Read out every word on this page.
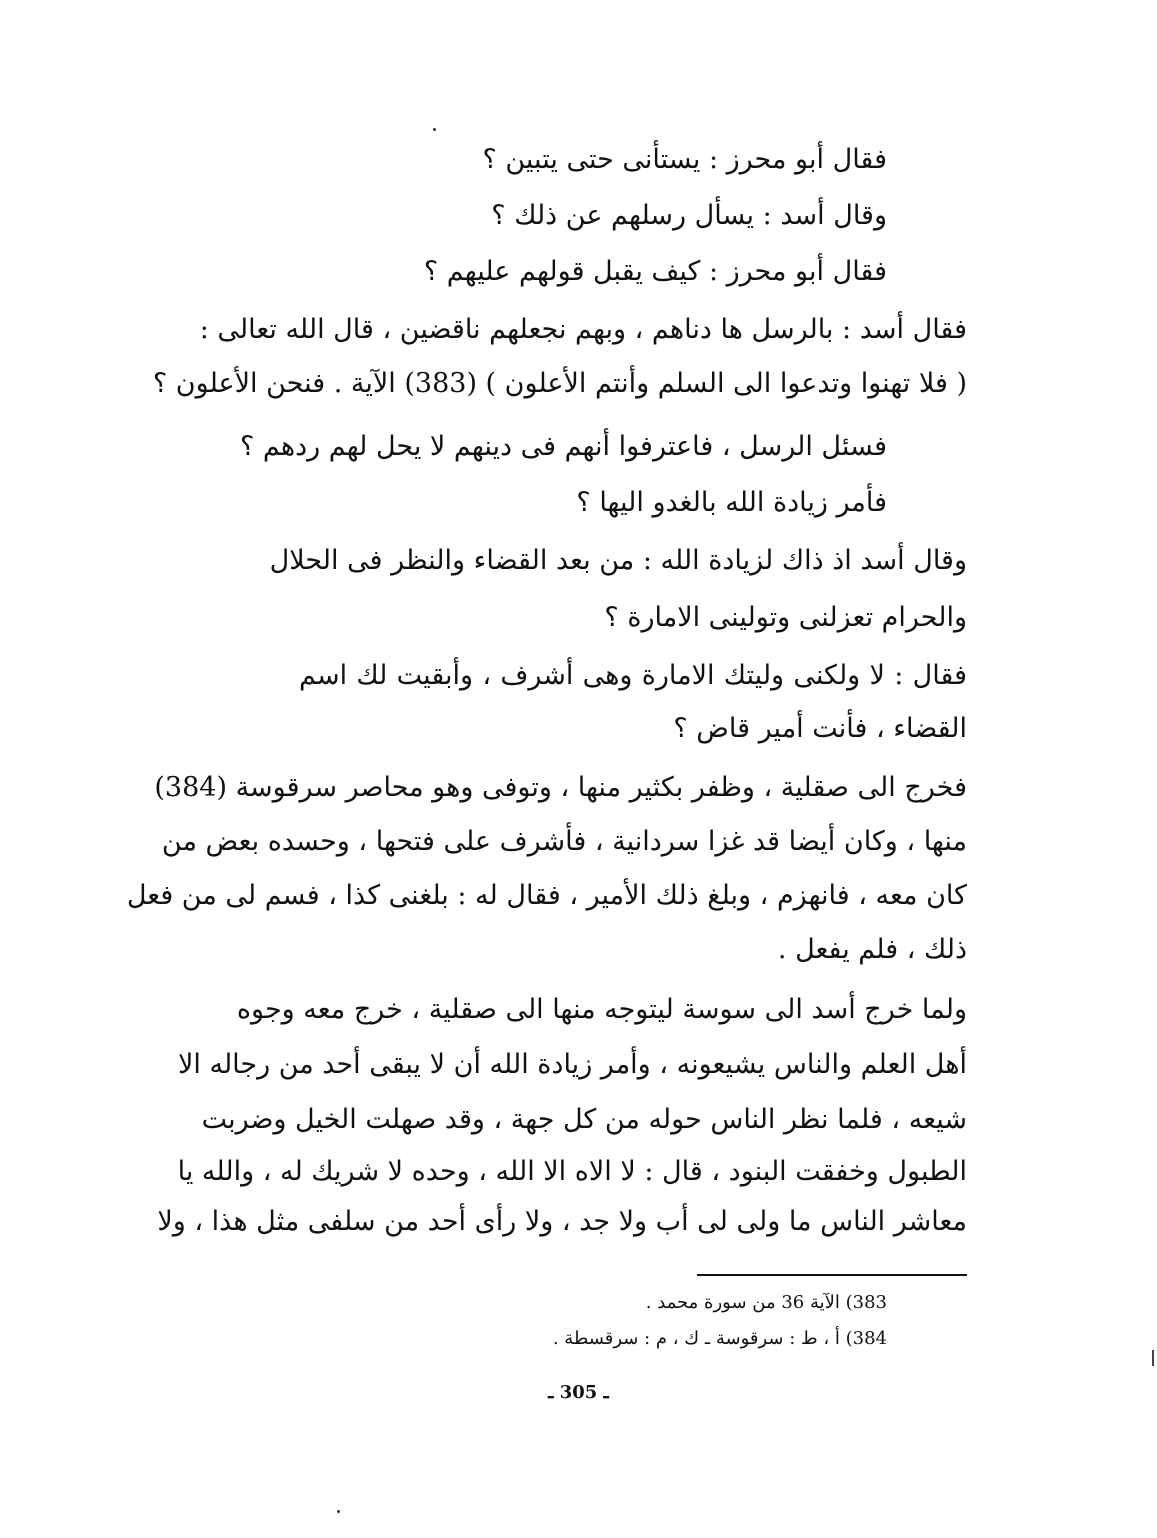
فقال أبو محرز : يستأنى حتى يتبين ؟
وقال أسد : يسأل رسلهم عن ذلك ؟
فقال أبو محرز : كيف يقبل قولهم عليهم ؟
فقال أسد : بالرسل ها دناهم ، وبهم نجعلهم ناقضين ، قال الله تعالى :
( فلا تهنوا وتدعوا الى السلم وأنتم الأعلون ) (383) الآية . فنحن الأعلون ؟
فسئل الرسل ، فاعترفوا أنهم فى دينهم لا يحل لهم ردهم ؟
فأمر زيادة الله بالغدو اليها ؟
وقال أسد اذ ذاك لزيادة الله : من بعد القضاء والنظر فى الحلال
والحرام تعزلنى وتولينى الامارة ؟
فقال : لا ولكنى وليتك الامارة وهى أشرف ، وأبقيت لك اسم
القضاء ، فأنت أمير قاض ؟
فخرج الى صقلية ، وظفر بكثير منها ، وتوفى وهو محاصر سرقوسة (384)
منها ، وكان أيضا قد غزا سردانية ، فأشرف على فتحها ، وحسده بعض من
كان معه ، فانهزم ، وبلغ ذلك الأمير ، فقال له : بلغنى كذا ، فسم لى من فعل
ذلك ، فلم يفعل .
ولما خرج أسد الى سوسة ليتوجه منها الى صقلية ، خرج معه وجوه
أهل العلم والناس يشيعونه ، وأمر زيادة الله أن لا يبقى أحد من رجاله الا
شيعه ، فلما نظر الناس حوله من كل جهة ، وقد صهلت الخيل وضربت
الطبول وخفقت البنود ، قال : لا الاه الا الله ، وحده لا شريك له ، والله يا
معاشر الناس ما ولى لى أب ولا جد ، ولا رأى أحد من سلفى مثل هذا ، ولا
383) الآية 36 من سورة محمد .
384) أ ، ط : سرقوسة ـ ك ، م : سرقسطة .
ـ 305 ـ
